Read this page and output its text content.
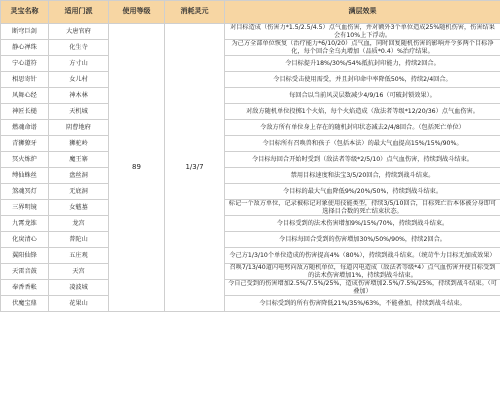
灵宝名称	适用门派	使用等级	消耗灵元	满层效果
断穹巨剑	大唐官府	89	1/3/7	对目标造成（伤害力*1.5/2.5/4.5）点气血伤害，并对额外3个单位造成25%随机伤害，伤害结果会有10%上下浮动。
静心禅珠	化生寺			为己方全部单位恢复（治疗能力*6/10/20）点气血，同时回复随机伤害的影响并令多两个目标净化，每个回合全乌丸增加（品质*0.4）%治疗结果。
宁心道符	方寸山			令目标提升18%/30%/54%抵抗封印能力，持续2回合。
相思寄针	女儿村			令目标受击使用需受，并且封印命中率降低50%，持续2/4回合。
风舞心经	神木林			每回合以当前风灵层数减少4/9/16（可破封锁效果）。
神匠长槌	天机城			对敌方随机单位投掷1个火焰，每个火焰造成（敌法者等级*12/20/36）点气血伤害。
燃魂命谱	阴曹地府			令敌方所有单位身上存在的随机封印状态减去2/4/8回合。（包括死亡单位）
青狮獠牙	狮驼岭			令目标所有召唤兽和孩子（包括本法）的最大气血提高15%/15%/90%。
冥火炼炉	魔王寨			令目标每回合开始时受到（敌法者等级*2/5/10）点气血伤害，持续到战斗结束。
缚仙蛛丝	盘丝洞			禁用目标速度和法宝3/5/20回合，持续到战斗结束。
煞魂冥灯	无底洞			令目标的最大气血降低9%/20%/50%，持续到战斗结束。
三界明镜	女魃墓			标记一个敌方单位，记录被标记对象使用技能类型，持续3/5/10回合，目标死亡后本体被分身即可选择目合数的死亡结束状态。
九霄龙锥	龙宫			令目标受到的法术伤害增加9%/15%/70%，持续到战斗结束。
化戾清心	普陀山			令目标每回合受到的伤害增加30%/50%/90%，持续2回合。
翼阳仙锋	五庄观			令己方1/3/10个单位造成的伤害提高4%（80%），持续到战斗结束。（统苛牛力目标无加成效果）
天雷音鼓	天宫			召唤7/13/40道闪电劈向敌方随机单位，每道闪电造成（敌法者等级*4）点气血伤害并使目标受到的法术伤害增加1%，持续到战斗结束。
奉香香帐	凌波城			令自己受到的伤害增加2.5%/7.5%/25%，造成伤害增加2.5%/7.5%/25%，持续到战斗结束。（可叠加）
伏魔宝鼎	花果山			令目标受到的所有伤害降低21%/35%/63%，不能叠加，持续到战斗结束。
